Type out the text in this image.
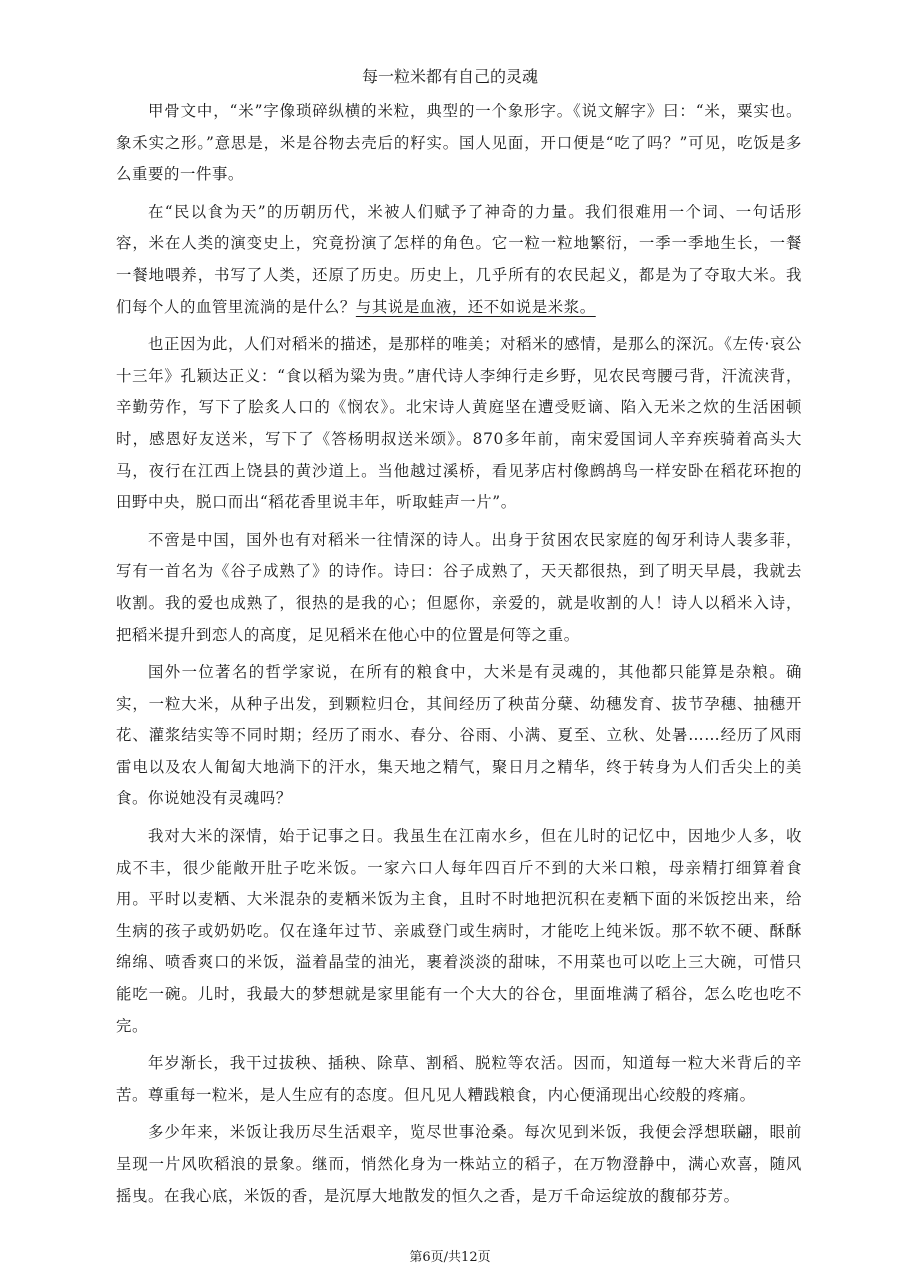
每一粒米都有自己的灵魂

甲骨文中，“米”字像琐碎纵横的米粒，典型的一个象形字。《说文解字》曰：“米，粟实也。象禾实之形。”意思是，米是谷物去壳后的籽实。国人见面，开口便是“吃了吗？”可见，吃饭是多么重要的一件事。

在“民以食为天”的历朝历代，米被人们赋予了神奇的力量。我们很难用一个词、一句话形容，米在人类的演变史上，究竟扮演了怎样的角色。它一粒一粒地繁衍，一季一季地生长，一餐一餐地喂养，书写了人类，还原了历史。历史上，几乎所有的农民起义，都是为了夺取大米。我们每个人的血管里流淌的是什么？与其说是血液，还不如说是米浆。

也正因为此，人们对稻米的描述，是那样的唯美；对稻米的感情，是那么的深沉。《左传·哀公十三年》孔颖达正义：“食以稻为粱为贵。”唐代诗人李绅行走乡野，见农民弯腰弓背，汗流浃背，辛勤劳作，写下了脍炙人口的《悯农》。北宋诗人黄庭坚在遭受贬谪、陷入无米之炊的生活困顿时，感恩好友送米，写下了《答杨明叔送米颂》。870多年前，南宋爱国词人辛弃疾骑着高头大马，夜行在江西上饶县的黄沙道上。当他越过溪桥，看见茅店村像鹧鸪鸟一样安卧在稻花环抱的田野中央，脱口而出“稻花香里说丰年，听取蛙声一片”。

不啻是中国，国外也有对稻米一往情深的诗人。出身于贫困农民家庭的匈牙利诗人裴多菲，写有一首名为《谷子成熟了》的诗作。诗曰：谷子成熟了，天天都很热，到了明天早晨，我就去收割。我的爱也成熟了，很热的是我的心；但愿你，亲爱的，就是收割的人！诗人以稻米入诗，把稻米提升到恋人的高度，足见稻米在他心中的位置是何等之重。

国外一位著名的哲学家说，在所有的粮食中，大米是有灵魂的，其他都只能算是杂粮。确实，一粒大米，从种子出发，到颗粒归仓，其间经历了秧苗分蘖、幼穗发育、拔节孕穗、抽穗开花、灌浆结实等不同时期；经历了雨水、春分、谷雨、小满、夏至、立秋、处暑……经历了风雨雷电以及农人匍匐大地淌下的汗水，集天地之精气，聚日月之精华，终于转身为人们舌尖上的美食。你说她没有灵魂吗？

我对大米的深情，始于记事之日。我虽生在江南水乡，但在儿时的记忆中，因地少人多，收成不丰，很少能敞开肚子吃米饭。一家六口人每年四百斤不到的大米口粮，母亲精打细算着食用。平时以麦粞、大米混杂的麦粞米饭为主食，且时不时地把沉积在麦粞下面的米饭挖出来，给生病的孩子或奶奶吃。仅在逢年过节、亲戚登门或生病时，才能吃上纯米饭。那不软不硬、酥酥绵绵、喷香爽口的米饭，溢着晶莹的油光，裹着淡淡的甜味，不用菜也可以吃上三大碗，可惜只能吃一碗。儿时，我最大的梦想就是家里能有一个大大的谷仓，里面堆满了稻谷，怎么吃也吃不完。

年岁渐长，我干过拔秧、插秧、除草、割稻、脱粒等农活。因而，知道每一粒大米背后的辛苦。尊重每一粒米，是人生应有的态度。但凡见人糟践粮食，内心便涌现出心绞般的疼痛。

多少年来，米饭让我历尽生活艰辛，览尽世事沧桑。每次见到米饭，我便会浮想联翩，眼前呈现一片风吹稻浪的景象。继而，悄然化身为一株站立的稻子，在万物澄静中，满心欢喜，随风摇曳。在我心底，米饭的香，是沉厚大地散发的恒久之香，是万千命运绽放的馥郁芬芳。

第6页/共12页
